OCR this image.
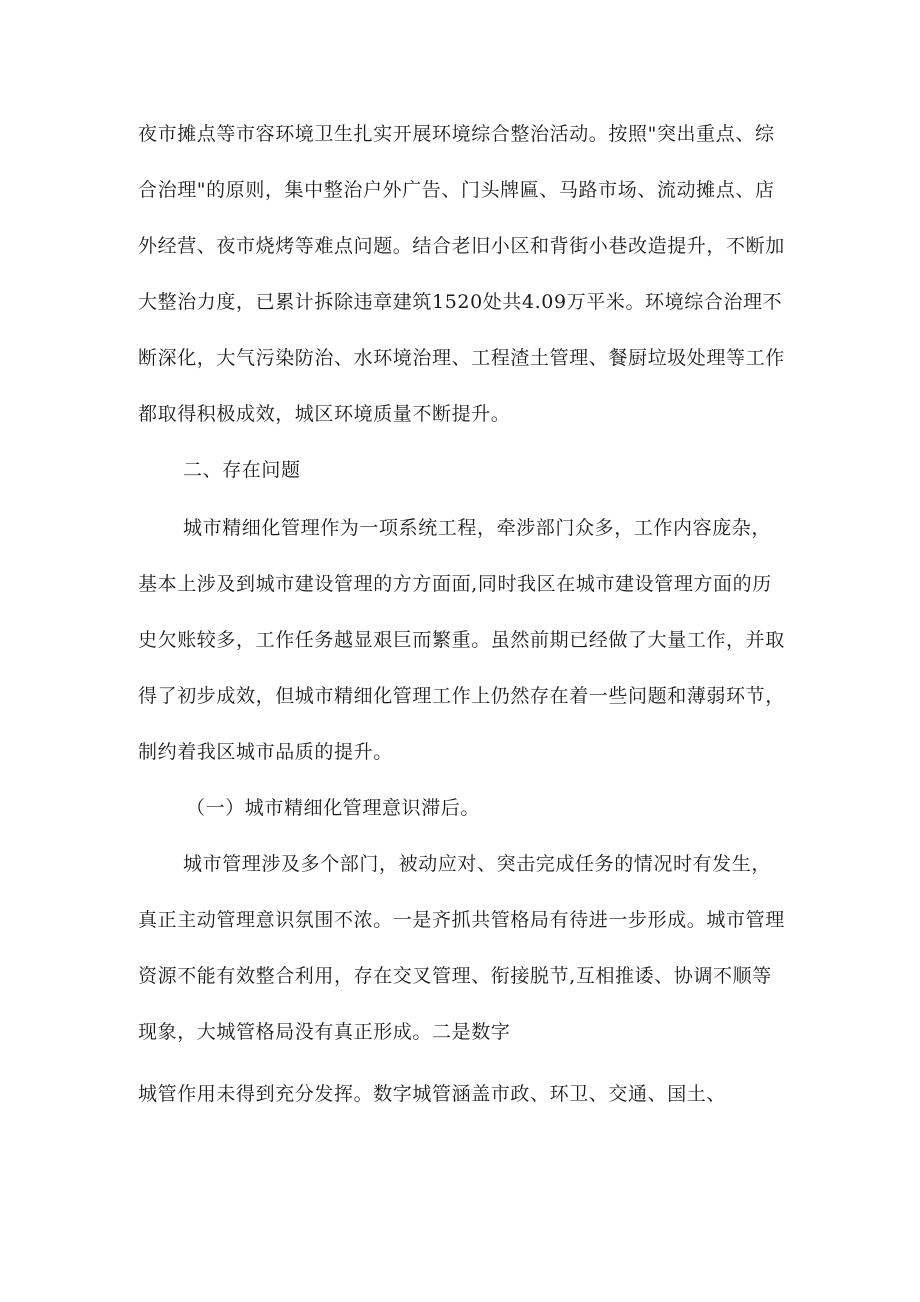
夜市摊点等市容环境卫生扎实开展环境综合整治活动。按照"突出重点、综
合治理"的原则，集中整治户外广告、门头牌匾、马路市场、流动摊点、店
外经营、夜市烧烤等难点问题。结合老旧小区和背街小巷改造提升，不断加
大整治力度，已累计拆除违章建筑1520处共4.09万平米。环境综合治理不
断深化，大气污染防治、水环境治理、工程渣土管理、餐厨垃圾处理等工作
都取得积极成效，城区环境质量不断提升。
二、存在问题
城市精细化管理作为一项系统工程，牵涉部门众多，工作内容庞杂，
基本上涉及到城市建设管理的方方面面,同时我区在城市建设管理方面的历
史欠账较多，工作任务越显艰巨而繁重。虽然前期已经做了大量工作，并取
得了初步成效，但城市精细化管理工作上仍然存在着一些问题和薄弱环节，
制约着我区城市品质的提升。
（一）城市精细化管理意识滞后。
城市管理涉及多个部门，被动应对、突击完成任务的情况时有发生，
真正主动管理意识氛围不浓。一是齐抓共管格局有待进一步形成。城市管理
资源不能有效整合利用，存在交叉管理、衔接脱节,互相推诿、协调不顺等
现象，大城管格局没有真正形成。二是数字
城管作用未得到充分发挥。数字城管涵盖市政、环卫、交通、国土、
